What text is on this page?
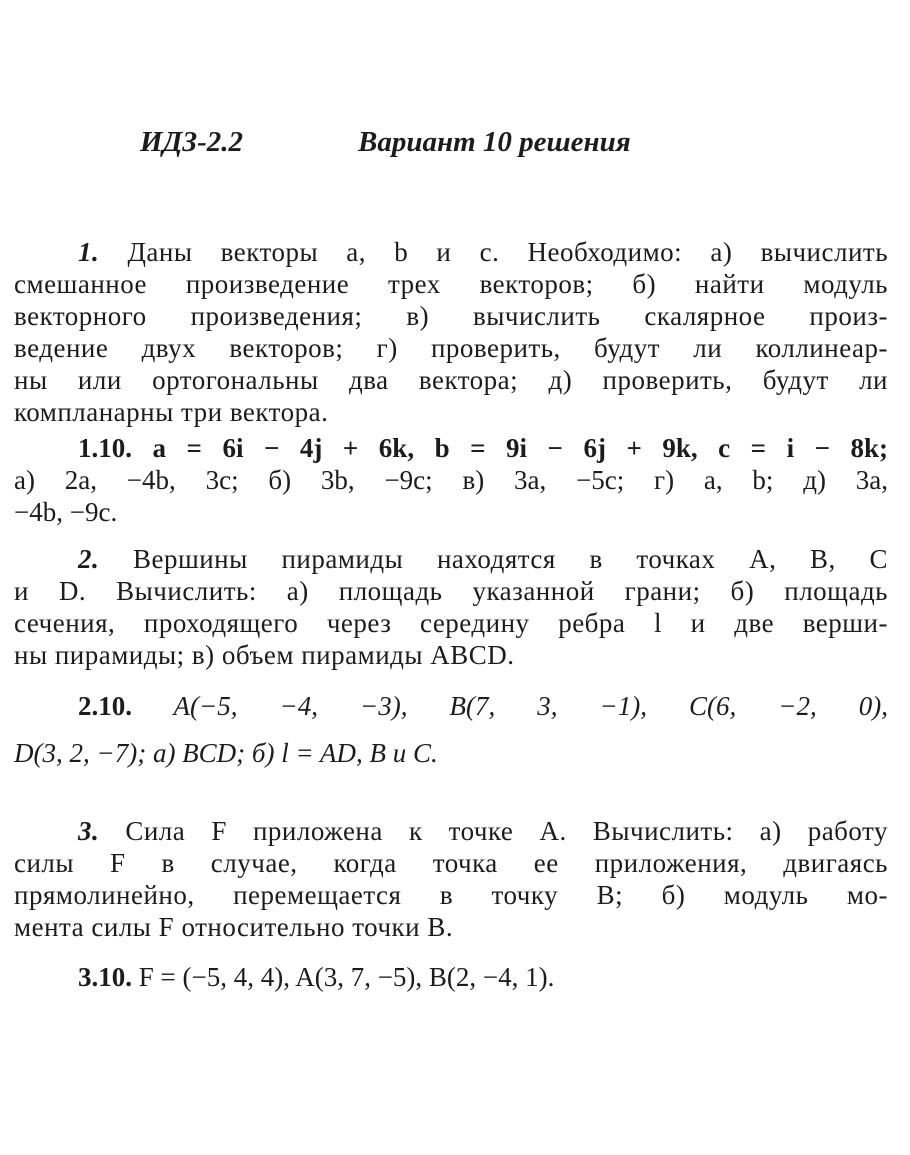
ИДЗ-2.2	Вариант 10 решения
1. Даны векторы a, b и c. Необходимо: а) вычислить
смешанное произведение трех векторов; б) найти модуль
векторного произведения; в) вычислить скалярное произ-
ведение двух векторов; г) проверить, будут ли коллинеар-
ны или ортогональны два вектора; д) проверить, будут ли
компланарны три вектора.
1.10. a = 6i − 4j + 6k, b = 9i − 6j + 9k, c = i − 8k;
а) 2a, −4b, 3c; б) 3b, −9c; в) 3a, −5c; г) a, b; д) 3a,
−4b, −9c.
2. Вершины пирамиды находятся в точках A, B, C
и D. Вычислить: а) площадь указанной грани; б) площадь
сечения, проходящего через середину ребра l и две верши-
ны пирамиды; в) объем пирамиды ABCD.
2.10. A(−5, −4, −3), B(7, 3, −1), C(6, −2, 0),
D(3, 2, −7); а) BCD; б) l = AD, B и C.
3. Сила F приложена к точке A. Вычислить: а) работу
силы F в случае, когда точка ее приложения, двигаясь
прямолинейно, перемещается в точку B; б) модуль мо-
мента силы F относительно точки B.
3.10. F = (−5, 4, 4), A(3, 7, −5), B(2, −4, 1).
